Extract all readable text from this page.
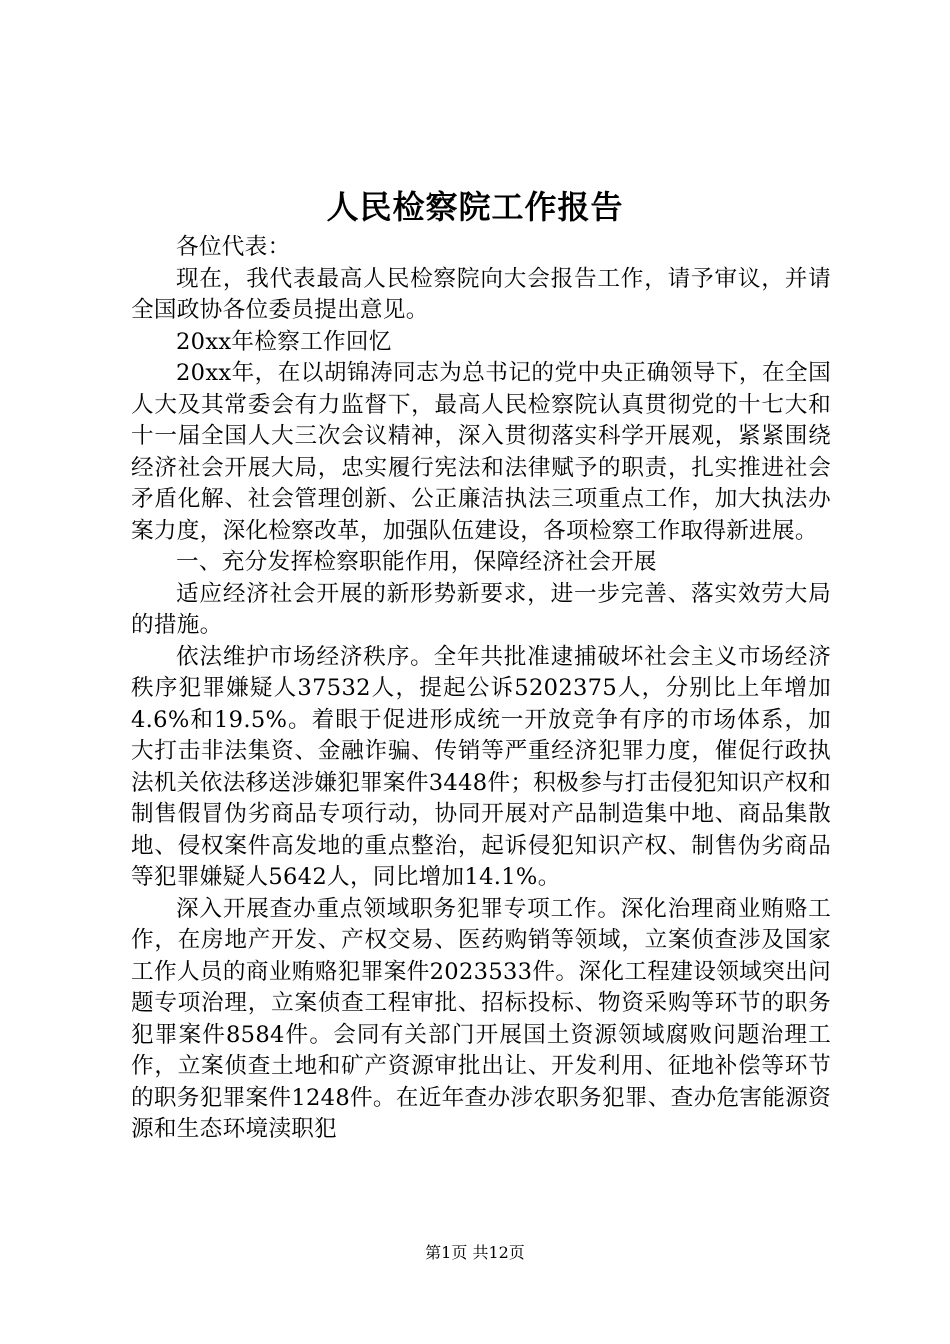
人民检察院工作报告

各位代表：

现在，我代表最高人民检察院向大会报告工作，请予审议，并请全国政协各位委员提出意见。

20xx年检察工作回忆

20xx年，在以胡锦涛同志为总书记的党中央正确领导下，在全国人大及其常委会有力监督下，最高人民检察院认真贯彻党的十七大和十一届全国人大三次会议精神，深入贯彻落实科学开展观，紧紧围绕经济社会开展大局，忠实履行宪法和法律赋予的职责，扎实推进社会矛盾化解、社会管理创新、公正廉洁执法三项重点工作，加大执法办案力度，深化检察改革，加强队伍建设，各项检察工作取得新进展。

一、充分发挥检察职能作用，保障经济社会开展

适应经济社会开展的新形势新要求，进一步完善、落实效劳大局的措施。

依法维护市场经济秩序。全年共批准逮捕破坏社会主义市场经济秩序犯罪嫌疑人37532人，提起公诉5202375人，分别比上年增加4.6%和19.5%。着眼于促进形成统一开放竞争有序的市场体系，加大打击非法集资、金融诈骗、传销等严重经济犯罪力度，催促行政执法机关依法移送涉嫌犯罪案件3448件；积极参与打击侵犯知识产权和制售假冒伪劣商品专项行动，协同开展对产品制造集中地、商品集散地、侵权案件高发地的重点整治，起诉侵犯知识产权、制售伪劣商品等犯罪嫌疑人5642人，同比增加14.1%。

深入开展查办重点领域职务犯罪专项工作。深化治理商业贿赂工作，在房地产开发、产权交易、医药购销等领域，立案侦查涉及国家工作人员的商业贿赂犯罪案件2023533件。深化工程建设领域突出问题专项治理，立案侦查工程审批、招标投标、物资采购等环节的职务犯罪案件8584件。会同有关部门开展国土资源领域腐败问题治理工作，立案侦查土地和矿产资源审批出让、开发利用、征地补偿等环节的职务犯罪案件1248件。在近年查办涉农职务犯罪、查办危害能源资源和生态环境渎职犯

第1页 共12页
